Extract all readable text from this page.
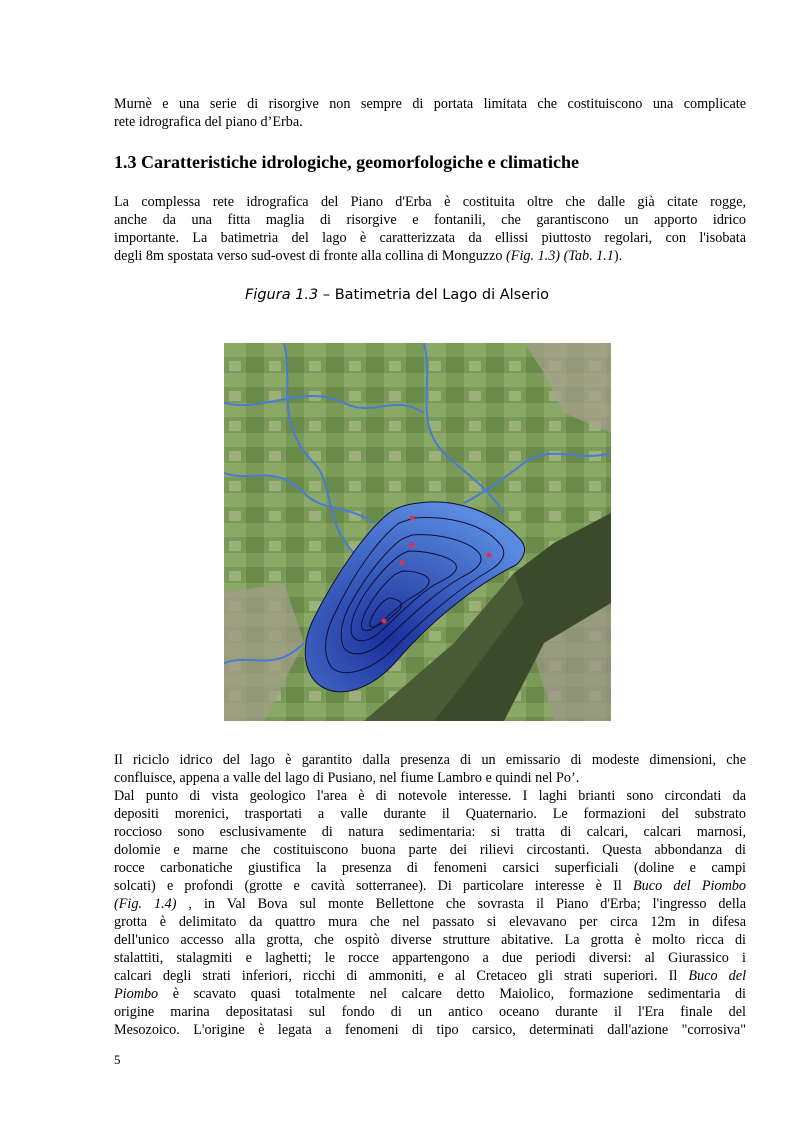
Murnè e una serie di risorgive non sempre di portata limitata che costituiscono una complicate
rete idrografica del piano d’Erba.
1.3 Caratteristiche idrologiche, geomorfologiche e climatiche
La complessa rete idrografica del Piano d'Erba è costituita oltre che dalle già citate rogge,
anche da una fitta maglia di risorgive e fontanili, che garantiscono un apporto idrico
importante. La batimetria del lago è caratterizzata da ellissi piuttosto regolari, con l'isobata
degli 8m spostata verso sud-ovest di fronte alla collina di Monguzzo (Fig. 1.3) (Tab. 1.1).
Figura 1.3 – Batimetria del Lago di Alserio
Il riciclo idrico del lago è garantito dalla presenza di un emissario di modeste dimensioni, che
confluisce, appena a valle del lago di Pusiano, nel fiume Lambro e quindi nel Po’.
Dal punto di vista geologico l'area è di notevole interesse. I laghi brianti sono circondati da
depositi morenici, trasportati a valle durante il Quaternario. Le formazioni del substrato
roccioso sono esclusivamente di natura sedimentaria: si tratta di calcari, calcari marnosi,
dolomie e marne che costituiscono buona parte dei rilievi circostanti. Questa abbondanza di
rocce carbonatiche giustifica la presenza di fenomeni carsici superficiali (doline e campi
solcati) e profondi (grotte e cavità sotterranee). Di particolare interesse è Il Buco del Piombo
(Fig. 1.4) , in Val Bova sul monte Bellettone che sovrasta il Piano d'Erba; l'ingresso della
grotta è delimitato da quattro mura che nel passato si elevavano per circa 12m in difesa
dell'unico accesso alla grotta, che ospitò diverse strutture abitative. La grotta è molto ricca di
stalattiti, stalagmiti e laghetti; le rocce appartengono a due periodi diversi: al Giurassico i
calcari degli strati inferiori, ricchi di ammoniti, e al Cretaceo gli strati superiori. Il Buco del
Piombo è scavato quasi totalmente nel calcare detto Maiolico, formazione sedimentaria di
origine marina depositatasi sul fondo di un antico oceano durante il l'Era finale del
Mesozoico. L'origine è legata a fenomeni di tipo carsico, determinati dall'azione "corrosiva"
5
